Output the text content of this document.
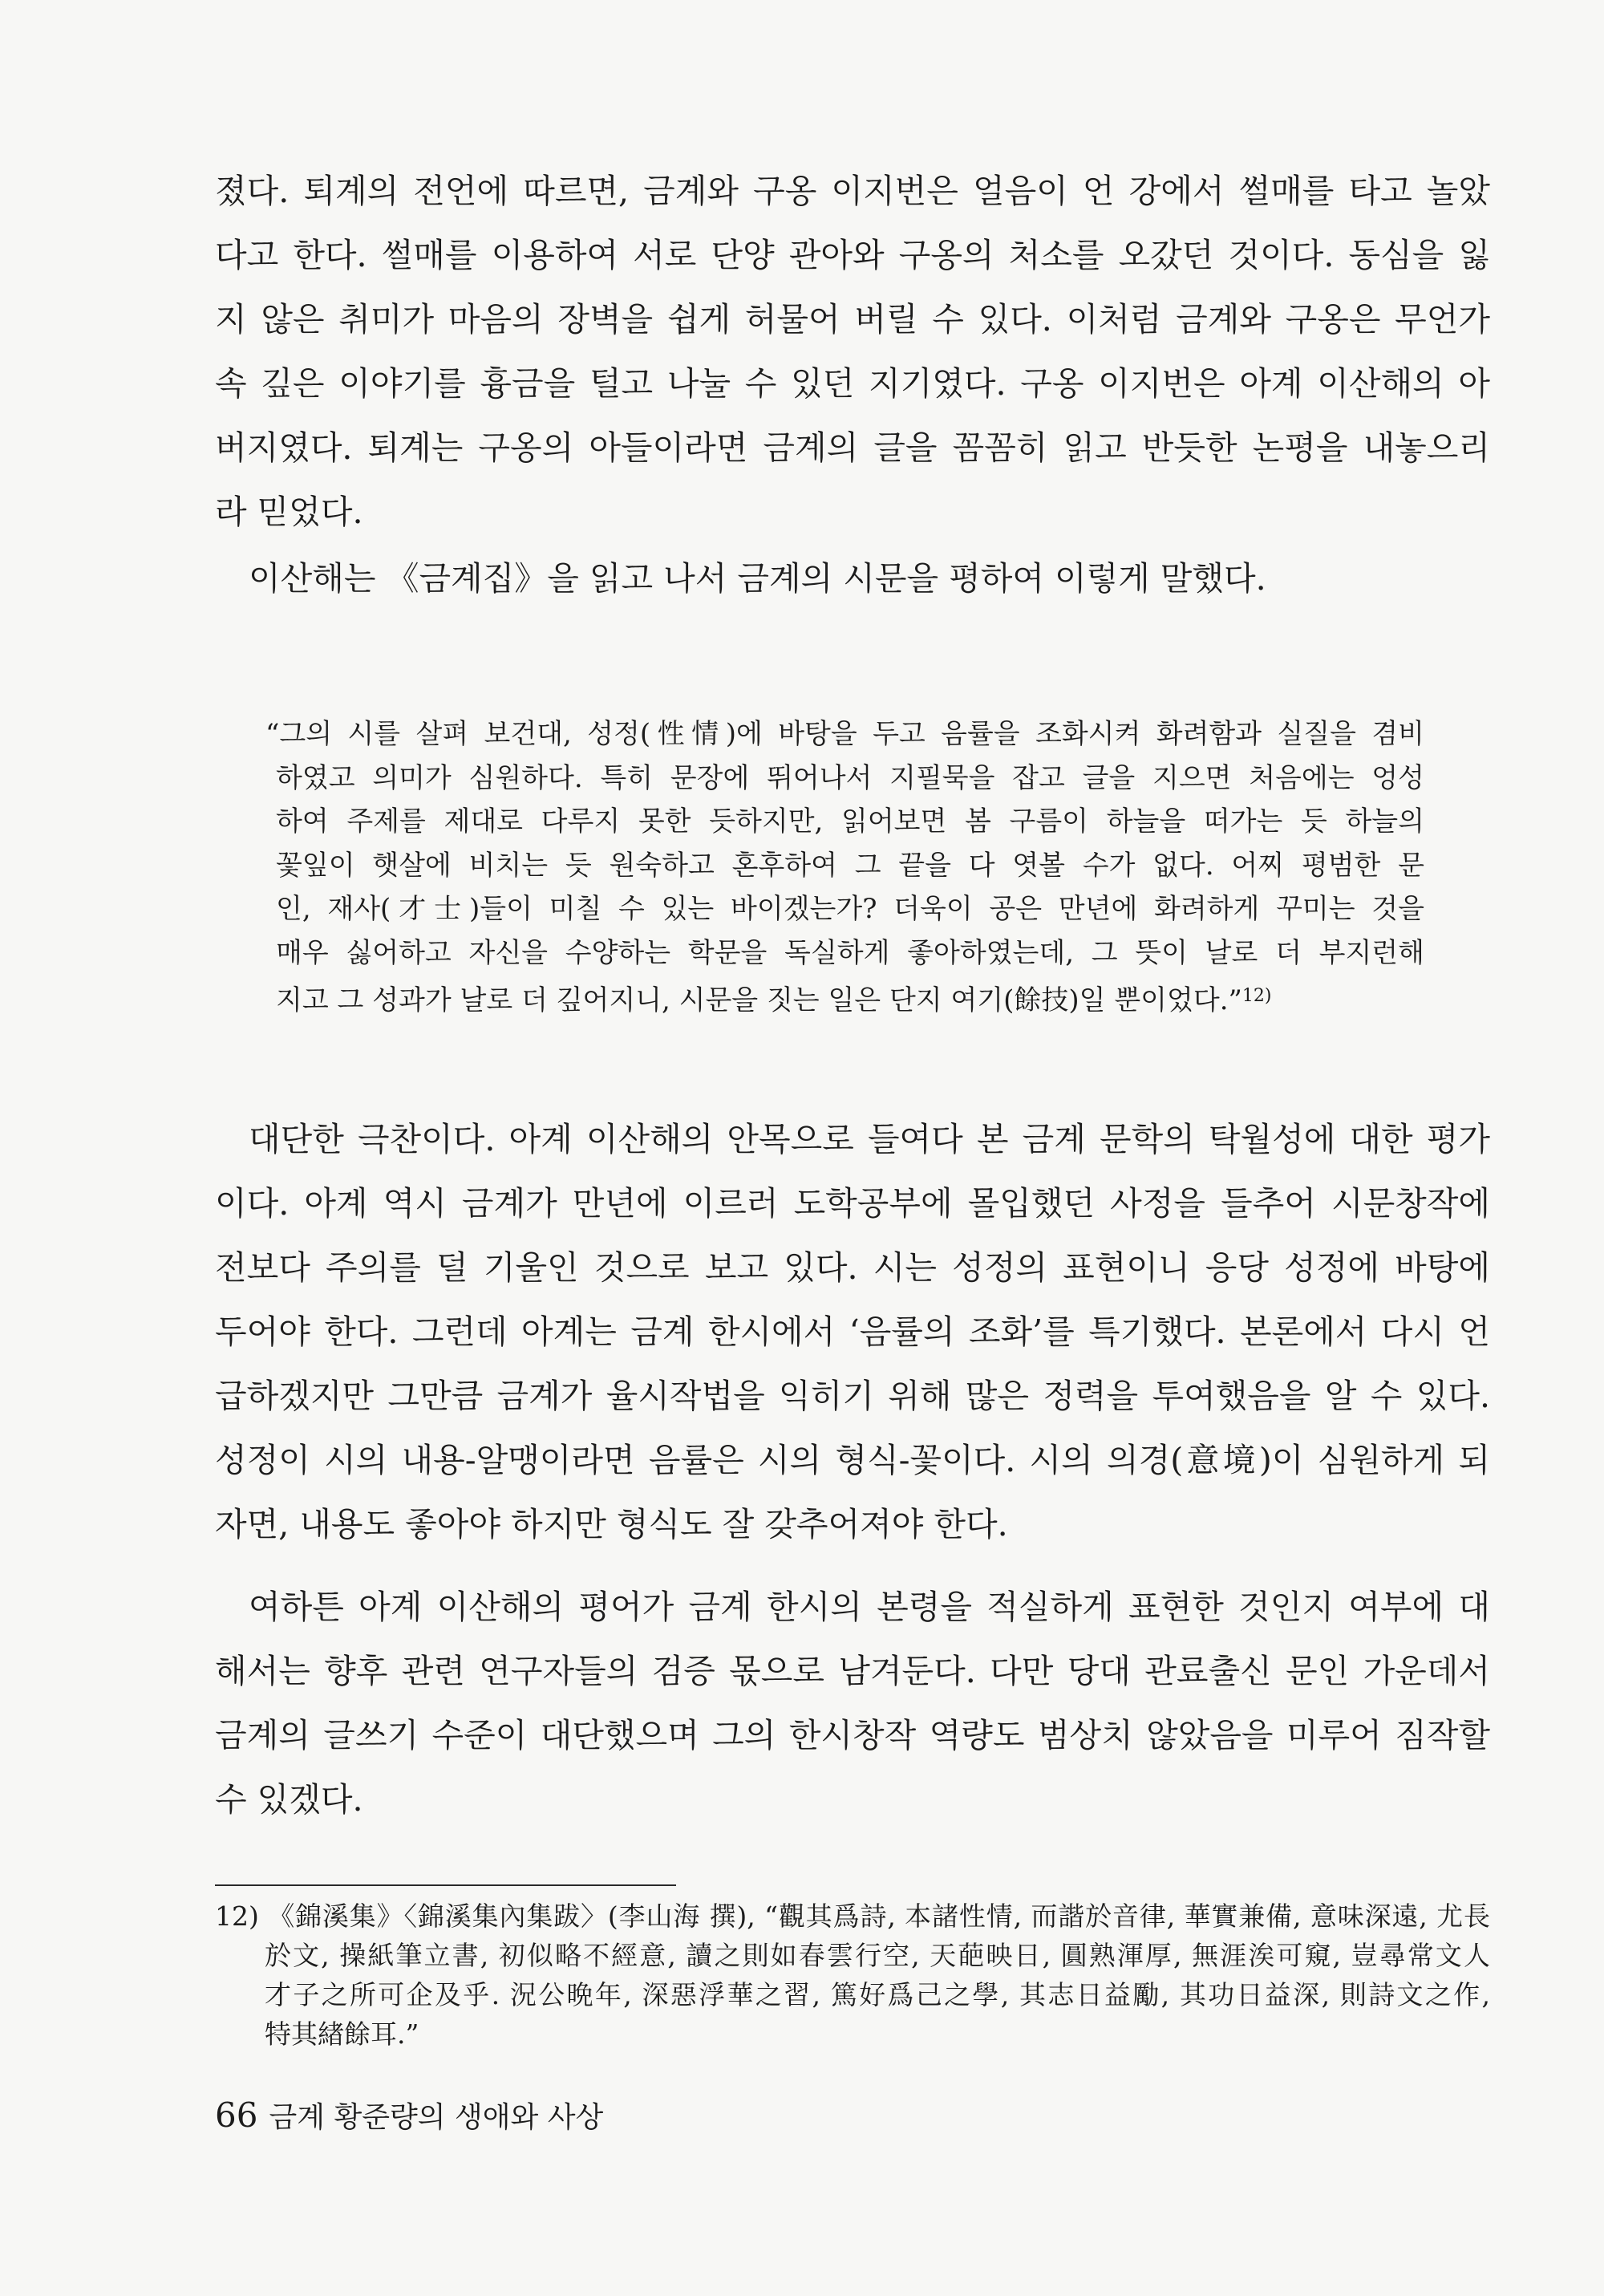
졌다. 퇴계의 전언에 따르면, 금계와 구옹 이지번은 얼음이 언 강에서 썰매를 타고 놀았
다고 한다. 썰매를 이용하여 서로 단양 관아와 구옹의 처소를 오갔던 것이다. 동심을 잃
지 않은 취미가 마음의 장벽을 쉽게 허물어 버릴 수 있다. 이처럼 금계와 구옹은 무언가
속 깊은 이야기를 흉금을 털고 나눌 수 있던 지기였다. 구옹 이지번은 아계 이산해의 아
버지였다. 퇴계는 구옹의 아들이라면 금계의 글을 꼼꼼히 읽고 반듯한 논평을 내놓으리
라 믿었다.
이산해는 《금계집》을 읽고 나서 금계의 시문을 평하여 이렇게 말했다.
“그의 시를 살펴 보건대, 성정(性情)에 바탕을 두고 음률을 조화시켜 화려함과 실질을 겸비
하였고 의미가 심원하다. 특히 문장에 뛰어나서 지필묵을 잡고 글을 지으면 처음에는 엉성
하여 주제를 제대로 다루지 못한 듯하지만, 읽어보면 봄 구름이 하늘을 떠가는 듯 하늘의
꽃잎이 햇살에 비치는 듯 원숙하고 혼후하여 그 끝을 다 엿볼 수가 없다. 어찌 평범한 문
인, 재사(才士)들이 미칠 수 있는 바이겠는가? 더욱이 공은 만년에 화려하게 꾸미는 것을
매우 싫어하고 자신을 수양하는 학문을 독실하게 좋아하였는데, 그 뜻이 날로 더 부지런해
지고 그 성과가 날로 더 깊어지니, 시문을 짓는 일은 단지 여기(餘技)일 뿐이었다.”$^{12)}$
대단한 극찬이다. 아계 이산해의 안목으로 들여다 본 금계 문학의 탁월성에 대한 평가
이다. 아계 역시 금계가 만년에 이르러 도학공부에 몰입했던 사정을 들추어 시문창작에
전보다 주의를 덜 기울인 것으로 보고 있다. 시는 성정의 표현이니 응당 성정에 바탕에
두어야 한다. 그런데 아계는 금계 한시에서 ‘음률의 조화’를 특기했다. 본론에서 다시 언
급하겠지만 그만큼 금계가 율시작법을 익히기 위해 많은 정력을 투여했음을 알 수 있다.
성정이 시의 내용-알맹이라면 음률은 시의 형식-꽃이다. 시의 의경(意境)이 심원하게 되
자면, 내용도 좋아야 하지만 형식도 잘 갖추어져야 한다.
여하튼 아계 이산해의 평어가 금계 한시의 본령을 적실하게 표현한 것인지 여부에 대
해서는 향후 관련 연구자들의 검증 몫으로 남겨둔다. 다만 당대 관료출신 문인 가운데서
금계의 글쓰기 수준이 대단했으며 그의 한시창작 역량도 범상치 않았음을 미루어 짐작할
수 있겠다.
12) 《錦溪集》〈錦溪集內集跋〉(李山海 撰), “觀其爲詩, 本諸性情, 而諧於音律, 華實兼備, 意味深遠, 尤長
於文, 操紙筆立書, 初似略不經意, 讀之則如春雲行空, 天葩映日, 圓熟渾厚, 無涯涘可窺, 豈尋常文人
才子之所可企及乎. 況公晩年, 深惡浮華之習, 篤好爲己之學, 其志日益勵, 其功日益深, 則詩文之作,
特其緖餘耳.”
66 금계 황준량의 생애와 사상
